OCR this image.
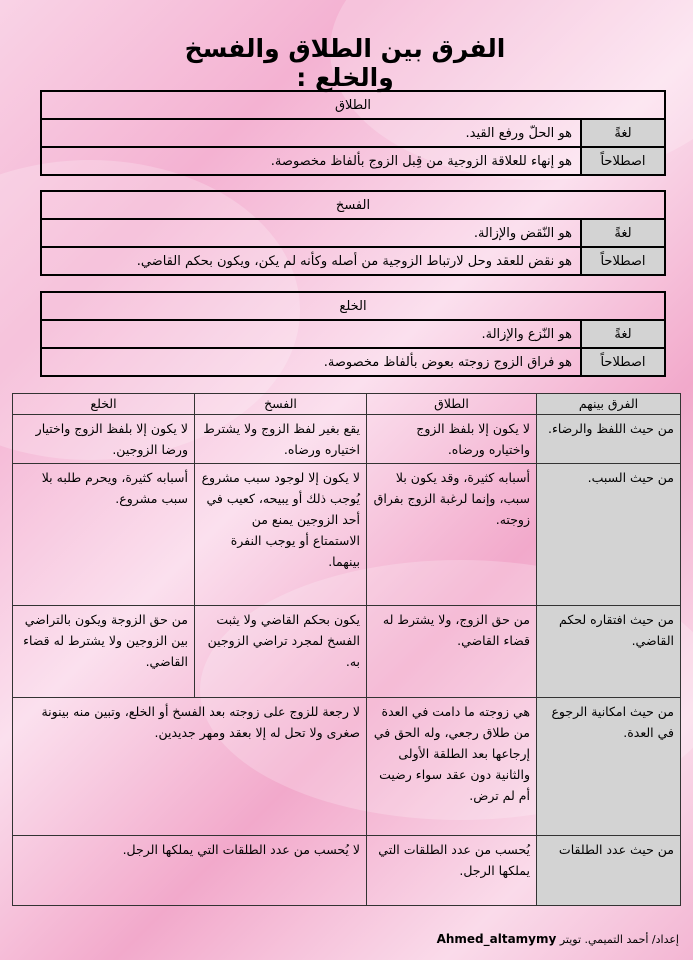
الفرق بين الطلاق والفسخ والخلع :
الطلاق	
لغةً	هو الحلّ ورفع القيد.
اصطلاحاً	هو إنهاء للعلاقة الزوجية من قِبل الزوج بألفاظ مخصوصة.
الفسخ	
لغةً	هو النّقض والإزالة.
اصطلاحاً	هو نقض للعقد وحل لارتباط الزوجية من أصله وكأنه لم يكن، ويكون بحكم القاضي.
الخلع	
لغةً	هو النّزع والإزالة.
اصطلاحاً	هو فراق الزوج زوجته بعوض بألفاظ مخصوصة.
الفرق بينهم	الطلاق	الفسخ	الخلع
من حيث اللفظ والرضاء.	لا يكون إلا بلفظ الزوج واختياره ورضاه.	يقع بغير لفظ الزوج ولا يشترط اختياره ورضاه.	لا يكون إلا بلفظ الزوج واختيار ورضا الزوجين.
من حيث السبب.	أسبابه كثيرة، وقد يكون بلا سبب، وإنما لرغبة الزوج بفراق زوجته.	لا يكون إلا لوجود سبب مشروع يُوجب ذلك أو يبيحه، كعيب في أحد الزوجين يمنع من الاستمتاع أو يوجب النفرة بينهما.	أسبابه كثيرة، ويحرم طلبه بلا سبب مشروع.
من حيث افتقاره لحكم القاضي.	من حق الزوج، ولا يشترط له قضاء القاضي.	يكون بحكم القاضي ولا يثبت الفسخ لمجرد تراضي الزوجين به.	من حق الزوجة ويكون بالتراضي بين الزوجين ولا يشترط له قضاء القاضي.
من حيث امكانية الرجوع في العدة.	هي زوجته ما دامت في العدة من طلاق رجعي، وله الحق في إرجاعها بعد الطلقة الأولى والثانية دون عقد سواء رضيت أم لم ترض.	لا رجعة للزوج على زوجته بعد الفسخ أو الخلع، وتبين منه بينونة صغرى ولا تحل له إلا بعقد ومهر جديدين.	
من حيث عدد الطلقات	يُحسب من عدد الطلقات التي يملكها الرجل.	لا يُحسب من عدد الطلقات التي يملكها الرجل.	
إعداد/ أحمد التميمي. تويتر Ahmed_altamymy
